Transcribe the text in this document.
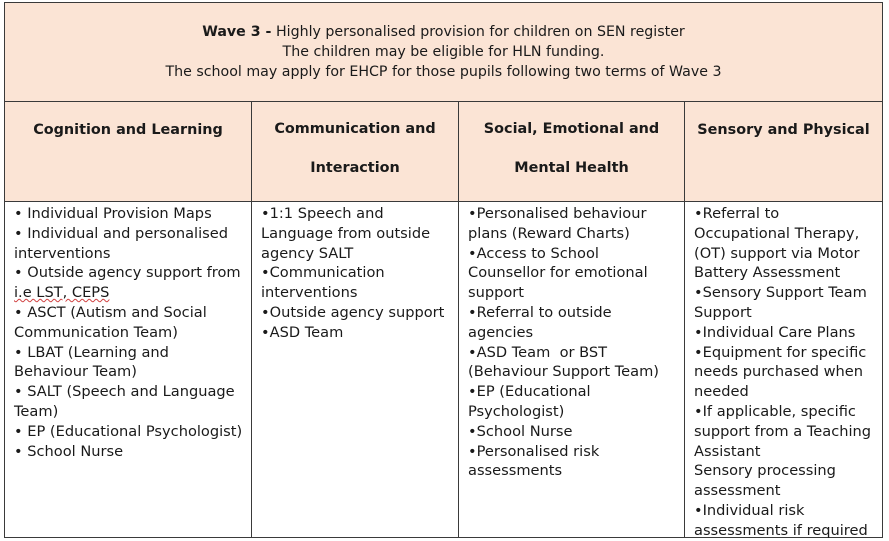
Wave 3 - Highly personalised provision for children on SEN register
The children may be eligible for HLN funding.
The school may apply for EHCP for those pupils following two terms of Wave 3
Cognition and Learning	Communication and
Interaction
Social, Emotional and
Mental Health
Sensory and Physical

• Individual Provision Maps

• Individual and personalised interventions

• Outside agency support from

i.e LST, CEPS

• ASCT (Autism and Social Communication Team)

• LBAT (Learning and Behaviour Team)

• SALT (Speech and Language Team)

• EP (Educational Psychologist)

• School Nurse

•1:1 Speech and Language from outside agency SALT

•Communication interventions

•Outside agency support

•ASD Team

•Personalised behaviour plans (Reward Charts)

•Access to School Counsellor for emotional support

•Referral to outside agencies

•ASD Team  or BST (Behaviour Support Team)

•EP (Educational Psychologist)

•School Nurse

•Personalised risk assessments

•Referral to Occupational Therapy, (OT) support via Motor Battery Assessment

•Sensory Support Team Support

•Individual Care Plans

•Equipment for specific needs purchased when needed

•If applicable, specific support from a Teaching Assistant

Sensory processing assessment

•Individual risk assessments if required
